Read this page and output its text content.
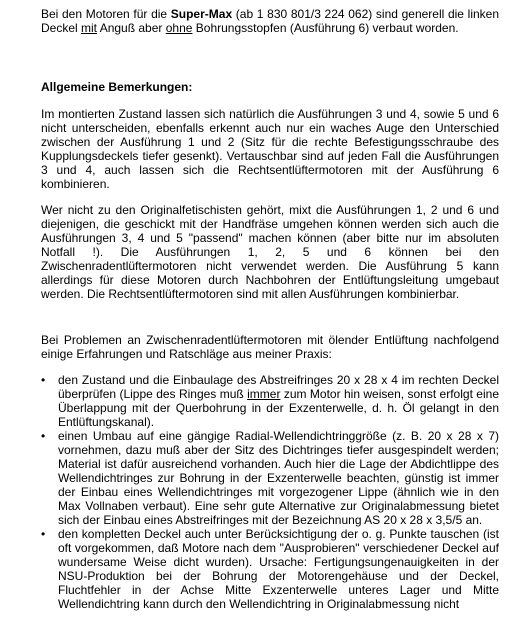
Bei den Motoren für die Super-Max (ab 1 830 801/3 224 062) sind generell die linken Deckel mit Anguß aber ohne Bohrungsstopfen (Ausführung 6) verbaut worden.

Allgemeine Bemerkungen:

Im montierten Zustand lassen sich natürlich die Ausführungen 3 und 4, sowie 5 und 6 nicht unterscheiden, ebenfalls erkennt auch nur ein waches Auge den Unterschied zwischen der Ausführung 1 und 2 (Sitz für die rechte Befestigungsschraube des Kupplungsdeckels tiefer gesenkt). Vertauschbar sind auf jeden Fall die Ausführungen 3 und 4, auch lassen sich die Rechtsentlüftermotoren mit der Ausführung 6 kombinieren.

Wer nicht zu den Originalfetischisten gehört, mixt die Ausführungen 1, 2 und 6 und diejenigen, die geschickt mit der Handfräse umgehen können werden sich auch die Ausführungen 3, 4 und 5 "passend" machen können (aber bitte nur im absoluten Notfall !). Die Ausführungen 1, 2, 5 und 6 können bei den Zwischenradentlüftermotoren nicht verwendet werden. Die Ausführung 5 kann allerdings für diese Motoren durch Nachbohren der Entlüftungsleitung umgebaut werden. Die Rechtsentlüftermotoren sind mit allen Ausführungen kombinierbar.

Bei Problemen an Zwischenradentlüftermotoren mit ölender Entlüftung nachfolgend einige Erfahrungen und Ratschläge aus meiner Praxis:

•	den Zustand und die Einbaulage des Abstreifringes 20 x 28 x 4 im rechten Deckel überprüfen (Lippe des Ringes muß immer zum Motor hin weisen, sonst erfolgt eine Überlappung mit der Querbohrung in der Exzenterwelle, d. h. Öl gelangt in den Entlüftungskanal).
•	einen Umbau auf eine gängige Radial-Wellendichtringgröße (z. B. 20 x 28 x 7) vornehmen, dazu muß aber der Sitz des Dichtringes tiefer ausgespindelt werden; Material ist dafür ausreichend vorhanden. Auch hier die Lage der Abdichtlippe des Wellendichtringes zur Bohrung in der Exzenterwelle beachten, günstig ist immer der Einbau eines Wellendichtringes mit vorgezogener Lippe (ähnlich wie in den Max Vollnaben verbaut). Eine sehr gute Alternative zur Originalabmessung bietet sich der Einbau eines Abstreifringes mit der Bezeichnung AS 20 x 28 x 3,5/5 an.
•	den kompletten Deckel auch unter Berücksichtigung der o. g. Punkte tauschen (ist oft vorgekommen, daß Motore nach dem "Ausprobieren" verschiedener Deckel auf wundersame Weise dicht wurden). Ursache: Fertigungsungenauigkeiten in der NSU-Produktion bei der Bohrung der Motorengehäuse und der Deckel, Fluchtfehler in der Achse Mitte Exzenterwelle unteres Lager und Mitte Wellendichtring kann durch den Wellendichtring in Originalabmessung nicht
